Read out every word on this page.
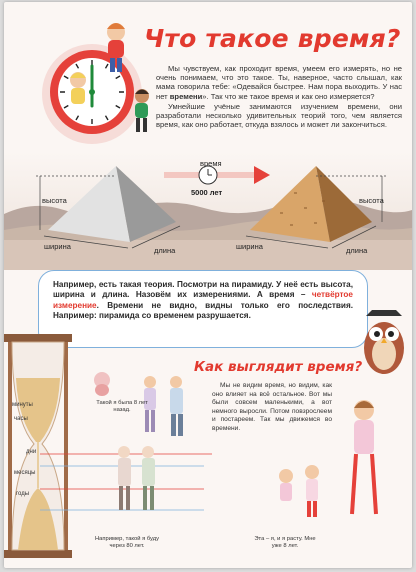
Что такое время?

Мы чувствуем, как проходит время, умеем его измерять, но не очень понимаем, что это такое. Ты, наверное, часто слышал, как мама говорила тебе: «Одевайся быстрее. Нам пора выходить. У нас нет времени». Так что же такое время и как оно измеряется?

Умнейшие учёные занимаются изучением времени, они разработали несколько удивительных теорий того, чем является время, как оно работает, откуда взялось и может ли закончиться.

время
5000 лет
высота	высота
ширина	длина	ширина	длина
Например, есть такая теория. Посмотри на пирамиду. У неё есть высота, ширина и длина. Назовём их измерениями. А время – четвёртое измерение. Времени не видно, видны только его последствия. Например: пирамида со временем разрушается.
минуты
часы
дни
месяцы
годы
Как выглядит время?
Мы не видим время, но видим, как оно влияет на всё остальное. Вот мы были совсем маленькими, а вот немного выросли. Потом повзрослеем и постареем. Так мы движемся во времени.
Такой я была 8 лет назад.
Например, такой я буду через 80 лет.
Эта – я, и я расту. Мне уже 8 лет.
